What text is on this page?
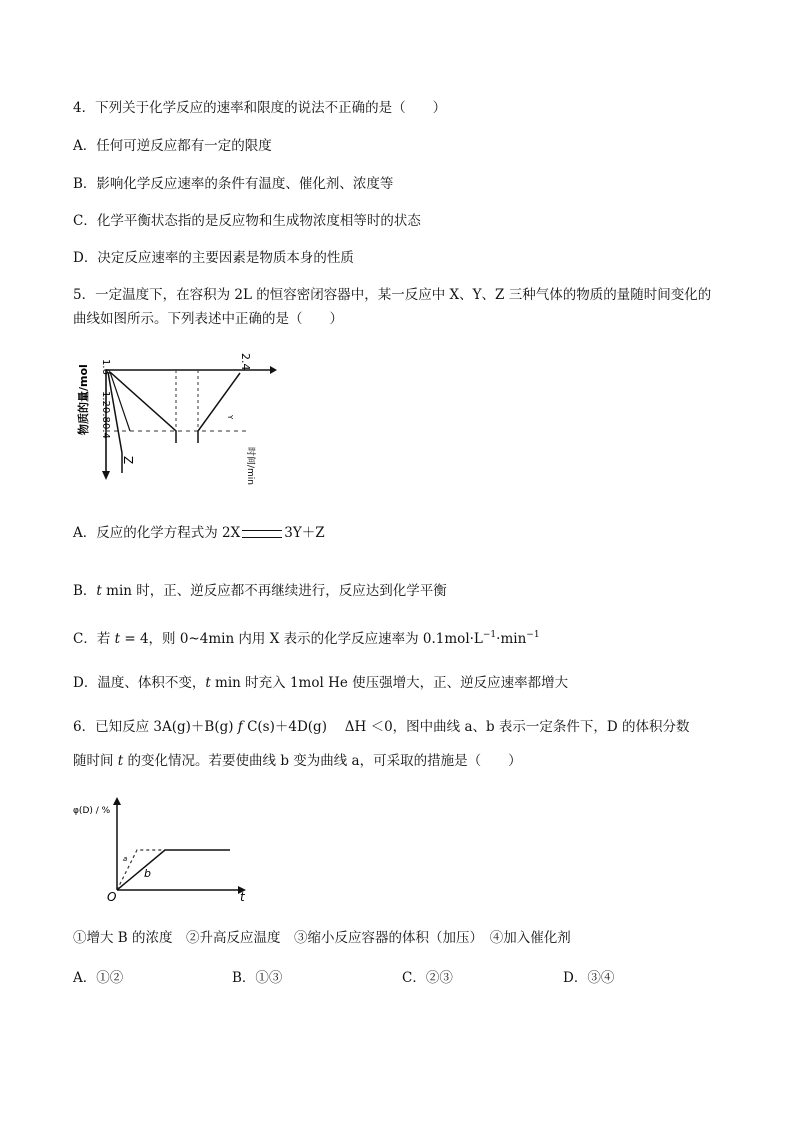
4．下列关于化学反应的速率和限度的说法不正确的是（　　）
A．任何可逆反应都有一定的限度
B．影响化学反应速率的条件有温度、催化剂、浓度等
C．化学平衡状态指的是反应物和生成物浓度相等时的状态
D．决定反应速率的主要因素是物质本身的性质
5．一定温度下，在容积为 2L 的恒容密闭容器中，某一反应中 X、Y、Z 三种气体的物质的量随时间变化的
曲线如图所示。下列表述中正确的是（　　）
物质的量/mol
2.4
1.6
1.2
0.8
0.4
时间/min
Z
Y
A．反应的化学方程式为 2X	3Y＋Z
B．t min 时，正、逆反应都不再继续进行，反应达到化学平衡
C．若 t = 4，则 0~4min 内用 X 表示的化学反应速率为 $0.1mol\cdot L^{-1}\cdot\min^{-1}$
D．温度、体积不变，t min 时充入 1mol He 使压强增大，正、逆反应速率都增大
6．已知反应 3A(g)＋B(g) f C(s)＋4D(g)　 ΔH ＜0，图中曲线 a、b 表示一定条件下，D 的体积分数
随时间 t 的变化情况。若要使曲线 b 变为曲线 a，可采取的措施是（　　）
φ(D) / %
a
b
O	t
①增大 B 的浓度　②升高反应温度　③缩小反应容器的体积（加压）　④加入催化剂
A．①②	B．①③	C．②③	D．③④
